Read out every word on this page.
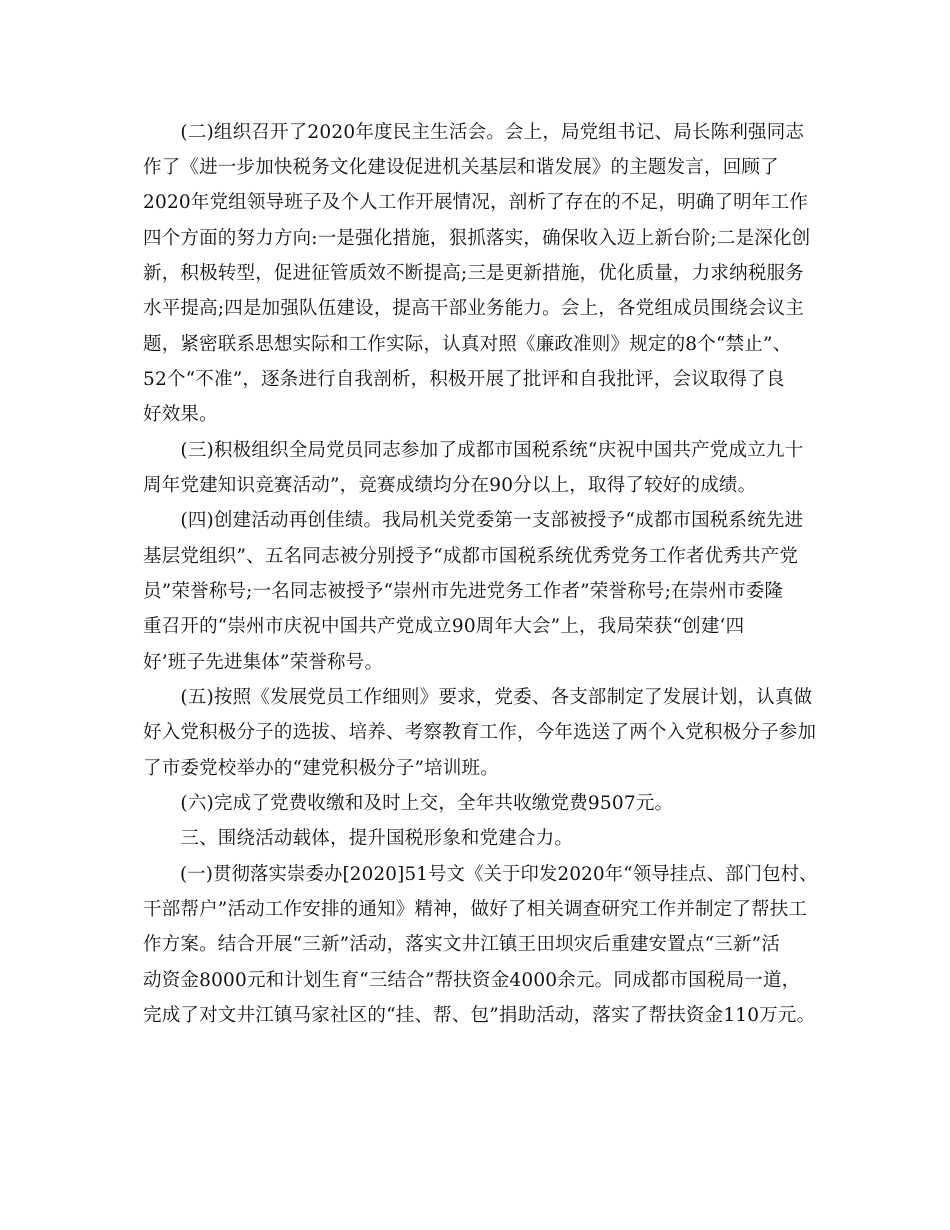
　　(二)组织召开了2020年度民主生活会。会上，局党组书记、局长陈利强同志
作了《进一步加快税务文化建设促进机关基层和谐发展》的主题发言，回顾了
2020年党组领导班子及个人工作开展情况，剖析了存在的不足，明确了明年工作
四个方面的努力方向:一是强化措施，狠抓落实，确保收入迈上新台阶;二是深化创
新，积极转型，促进征管质效不断提高;三是更新措施，优化质量，力求纳税服务
水平提高;四是加强队伍建设，提高干部业务能力。会上，各党组成员围绕会议主
题，紧密联系思想实际和工作实际，认真对照《廉政准则》规定的8个“禁止”、
52个“不准”，逐条进行自我剖析，积极开展了批评和自我批评，会议取得了良
好效果。
　　(三)积极组织全局党员同志参加了成都市国税系统“庆祝中国共产党成立九十
周年党建知识竞赛活动”，竞赛成绩均分在90分以上，取得了较好的成绩。
　　(四)创建活动再创佳绩。我局机关党委第一支部被授予“成都市国税系统先进
基层党组织”、五名同志被分别授予“成都市国税系统优秀党务工作者优秀共产党
员”荣誉称号;一名同志被授予“崇州市先进党务工作者”荣誉称号;在崇州市委隆
重召开的“崇州市庆祝中国共产党成立90周年大会”上，我局荣获“创建‘四
好’班子先进集体”荣誉称号。
　　(五)按照《发展党员工作细则》要求，党委、各支部制定了发展计划，认真做
好入党积极分子的选拔、培养、考察教育工作，今年选送了两个入党积极分子参加
了市委党校举办的“建党积极分子”培训班。
　　(六)完成了党费收缴和及时上交，全年共收缴党费9507元。
　　三、围绕活动载体，提升国税形象和党建合力。
　　(一)贯彻落实崇委办[2020]51号文《关于印发2020年“领导挂点、部门包村、
干部帮户”活动工作安排的通知》精神，做好了相关调查研究工作并制定了帮扶工
作方案。结合开展“三新”活动，落实文井江镇王田坝灾后重建安置点“三新”活
动资金8000元和计划生育“三结合”帮扶资金4000余元。同成都市国税局一道，
完成了对文井江镇马家社区的“挂、帮、包”捐助活动，落实了帮扶资金110万元。
